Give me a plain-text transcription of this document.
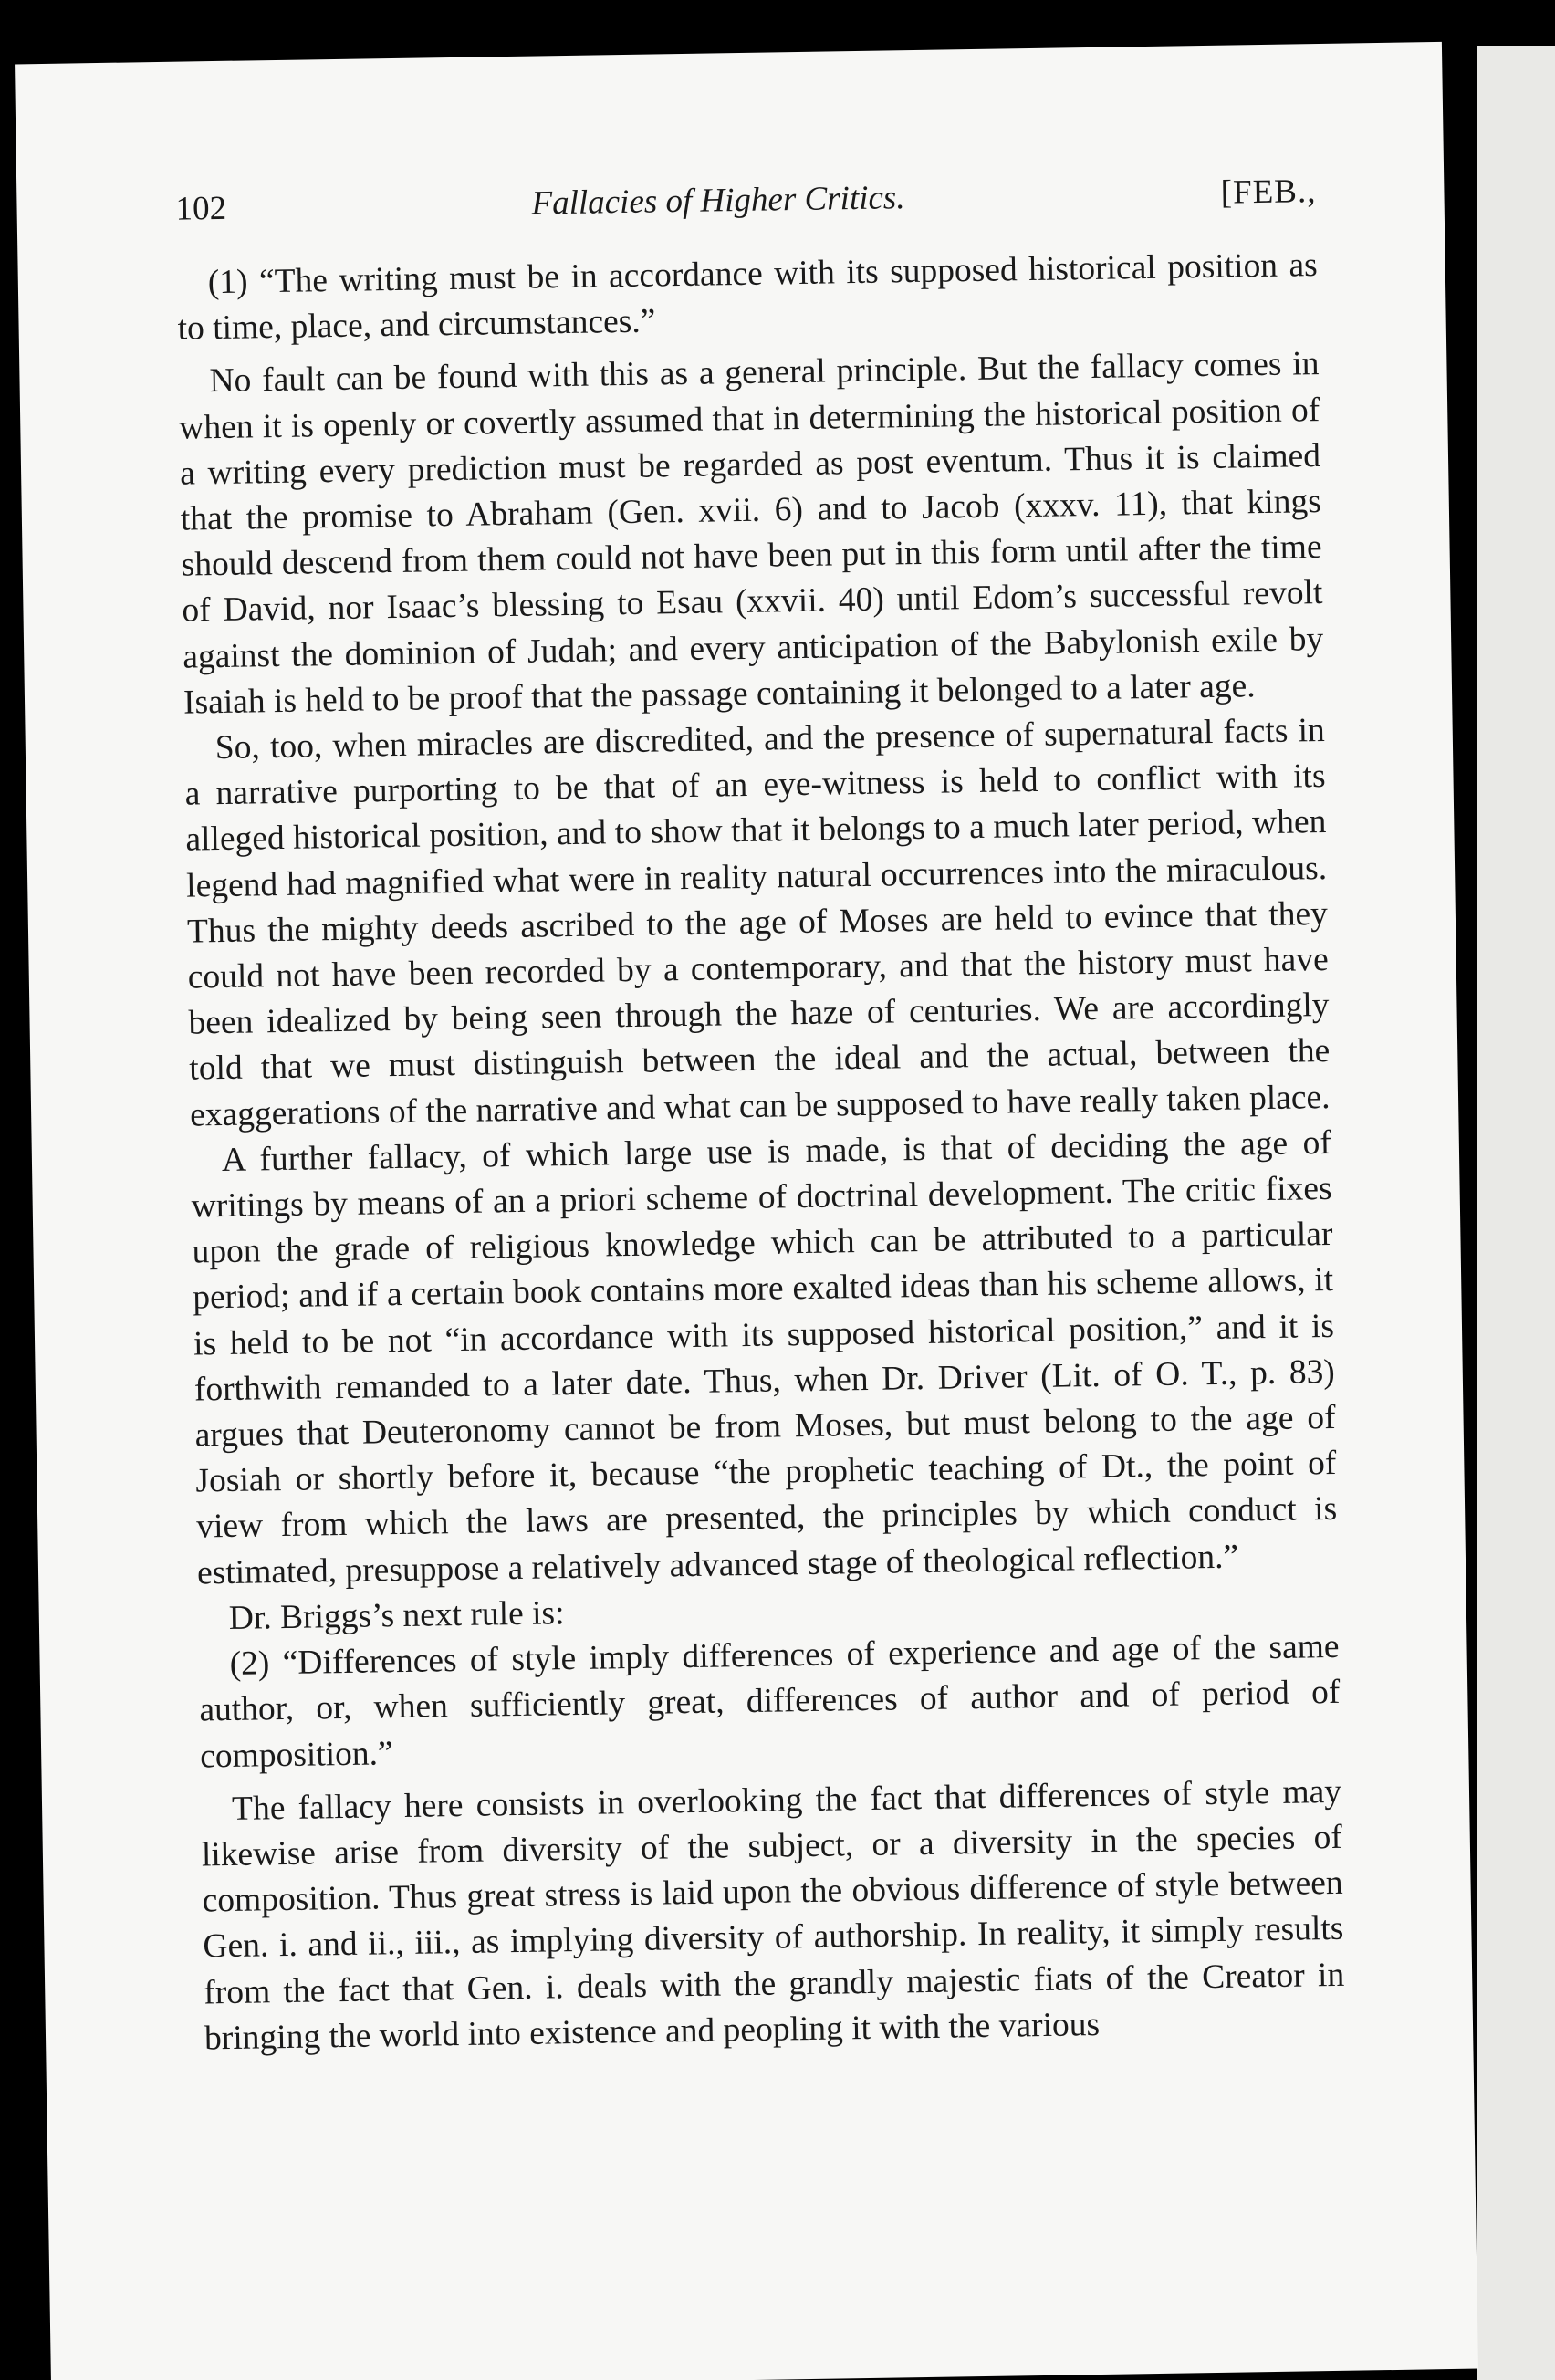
102	Fallacies of Higher Critics.	[FEB.,

(1) “The writing must be in accordance with its supposed historical position as to time, place, and circumstances.”

No fault can be found with this as a general principle. But the fallacy comes in when it is openly or covertly assumed that in determining the historical position of a writing every prediction must be regarded as post eventum. Thus it is claimed that the promise to Abraham (Gen. xvii. 6) and to Jacob (xxxv. 11), that kings should descend from them could not have been put in this form until after the time of David, nor Isaac’s blessing to Esau (xxvii. 40) until Edom’s successful revolt against the dominion of Judah; and every anticipation of the Babylonish exile by Isaiah is held to be proof that the passage containing it belonged to a later age.

So, too, when miracles are discredited, and the presence of supernatural facts in a narrative purporting to be that of an eye-witness is held to conflict with its alleged historical position, and to show that it belongs to a much later period, when legend had magnified what were in reality natural occurrences into the miraculous. Thus the mighty deeds ascribed to the age of Moses are held to evince that they could not have been recorded by a contemporary, and that the history must have been idealized by being seen through the haze of centuries. We are accordingly told that we must distinguish between the ideal and the actual, between the exaggerations of the narrative and what can be supposed to have really taken place.

A further fallacy, of which large use is made, is that of deciding the age of writings by means of an a priori scheme of doctrinal development. The critic fixes upon the grade of religious knowledge which can be attributed to a particular period; and if a certain book contains more exalted ideas than his scheme allows, it is held to be not “in accordance with its supposed historical position,” and it is forthwith remanded to a later date. Thus, when Dr. Driver (Lit. of O. T., p. 83) argues that Deuteronomy cannot be from Moses, but must belong to the age of Josiah or shortly before it, because “the prophetic teaching of Dt., the point of view from which the laws are presented, the principles by which conduct is estimated, presuppose a relatively advanced stage of theological reflection.”

Dr. Briggs’s next rule is:

(2) “Differences of style imply differences of experience and age of the same author, or, when sufficiently great, differences of author and of period of composition.”

The fallacy here consists in overlooking the fact that differences of style may likewise arise from diversity of the subject, or a diversity in the species of composition. Thus great stress is laid upon the obvious difference of style between Gen. i. and ii., iii., as implying diversity of authorship. In reality, it simply results from the fact that Gen. i. deals with the grandly majestic fiats of the Creator in bringing the world into existence and peopling it with the various
